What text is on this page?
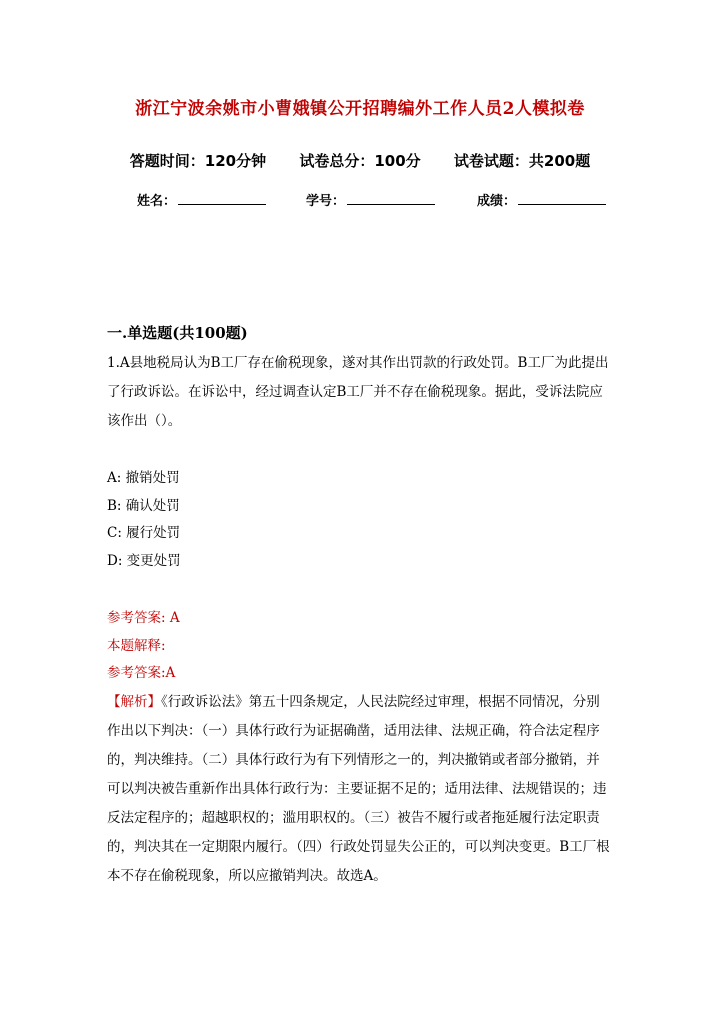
浙江宁波余姚市小曹娥镇公开招聘编外工作人员2人模拟卷
答题时间：120分钟 试卷总分：100分 试卷试题：共200题
姓名：	学号：	成绩：
一.单选题(共100题)
1.A县地税局认为B工厂存在偷税现象，遂对其作出罚款的行政处罚。B工厂为此提出了行政诉讼。在诉讼中，经过调查认定B工厂并不存在偷税现象。据此，受诉法院应该作出（）。
A: 撤销处罚
B: 确认处罚
C: 履行处罚
D: 变更处罚
参考答案: A
本题解释:
参考答案:A
【解析】《行政诉讼法》第五十四条规定，人民法院经过审理，根据不同情况，分别作出以下判决：（一）具体行政行为证据确凿，适用法律、法规正确，符合法定程序的，判决维持。（二）具体行政行为有下列情形之一的，判决撤销或者部分撤销，并可以判决被告重新作出具体行政行为：主要证据不足的；适用法律、法规错误的；违反法定程序的；超越职权的；滥用职权的。（三）被告不履行或者拖延履行法定职责的，判决其在一定期限内履行。（四）行政处罚显失公正的，可以判决变更。B工厂根本不存在偷税现象，所以应撤销判决。故选A。
